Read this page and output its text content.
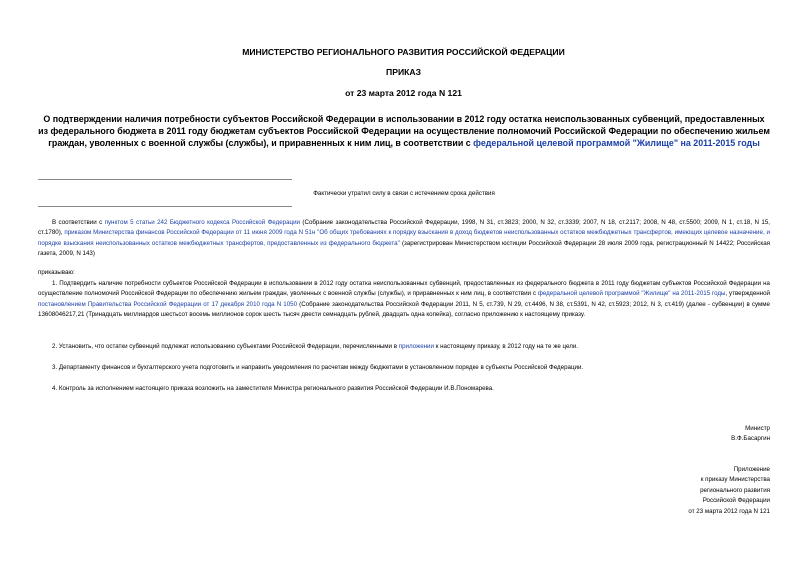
МИНИСТЕРСТВО РЕГИОНАЛЬНОГО РАЗВИТИЯ РОССИЙСКОЙ ФЕДЕРАЦИИ
ПРИКАЗ
от 23 марта 2012 года N 121
О подтверждении наличия потребности субъектов Российской Федерации в использовании в 2012 году остатка неиспользованных субвенций, предоставленных из федерального бюджета в 2011 году бюджетам субъектов Российской Федерации на осуществление полномочий Российской Федерации по обеспечению жильем граждан, уволенных с военной службы (службы), и приравненных к ним лиц, в соответствии с федеральной целевой программой "Жилище" на 2011-2015 годы
Фактически утратил силу в связи с истечением срока действия
В соответствии с пунктом 5 статьи 242 Бюджетного кодекса Российской Федерации (Собрание законодательства Российской Федерации, 1998, N 31, ст.3823; 2000, N 32, ст.3339; 2007, N 18, ст.2117; 2008, N 48, ст.5500; 2009, N 1, ст.18, N 15, ст.1780), приказом Министерства финансов Российской Федерации от 11 июня 2009 года N 51н "Об общих требованиях к порядку взыскания в доход бюджетов неиспользованных остатков межбюджетных трансфертов, имеющих целевое назначение, и порядке взыскания неиспользованных остатков межбюджетных трансфертов, предоставленных из федерального бюджета" (зарегистрирован Министерством юстиции Российской Федерации 28 июля 2009 года, регистрационный N 14422; Российская газета, 2009, N 143)
приказываю:
1. Подтвердить наличие потребности субъектов Российской Федерации в использовании в 2012 году остатка неиспользованных субвенций, предоставленных из федерального бюджета в 2011 году бюджетам субъектов Российской Федерации на осуществление полномочий Российской Федерации по обеспечению жильем граждан, уволенных с военной службы (службы), и приравненных к ним лиц, в соответствии с федеральной целевой программой "Жилище" на 2011-2015 годы, утвержденной постановлением Правительства Российской Федерации от 17 декабря 2010 года N 1050 (Собрание законодательства Российской Федерации 2011, N 5, ст.739, N 29, ст.4496, N 38, ст.5391, N 42, ст.5923; 2012, N 3, ст.419) (далее - субвенции) в сумме 13608046217,21 (Тринадцать миллиардов шестьсот восемь миллионов сорок шесть тысяч двести семнадцать рублей, двадцать одна копейка), согласно приложению к настоящему приказу.
2. Установить, что остатки субвенций подлежат использованию субъектами Российской Федерации, перечисленными в приложении к настоящему приказу, в 2012 году на те же цели.
3. Департаменту финансов и бухгалтерского учета подготовить и направить уведомления по расчетам между бюджетами в установленном порядке в субъекты Российской Федерации.
4. Контроль за исполнением настоящего приказа возложить на заместителя Министра регионального развития Российской Федерации И.В.Пономарева.
Министр
В.Ф.Басаргин
Приложение
к приказу Министерства
регионального развития
Российской Федерации
от 23 марта 2012 года N 121
